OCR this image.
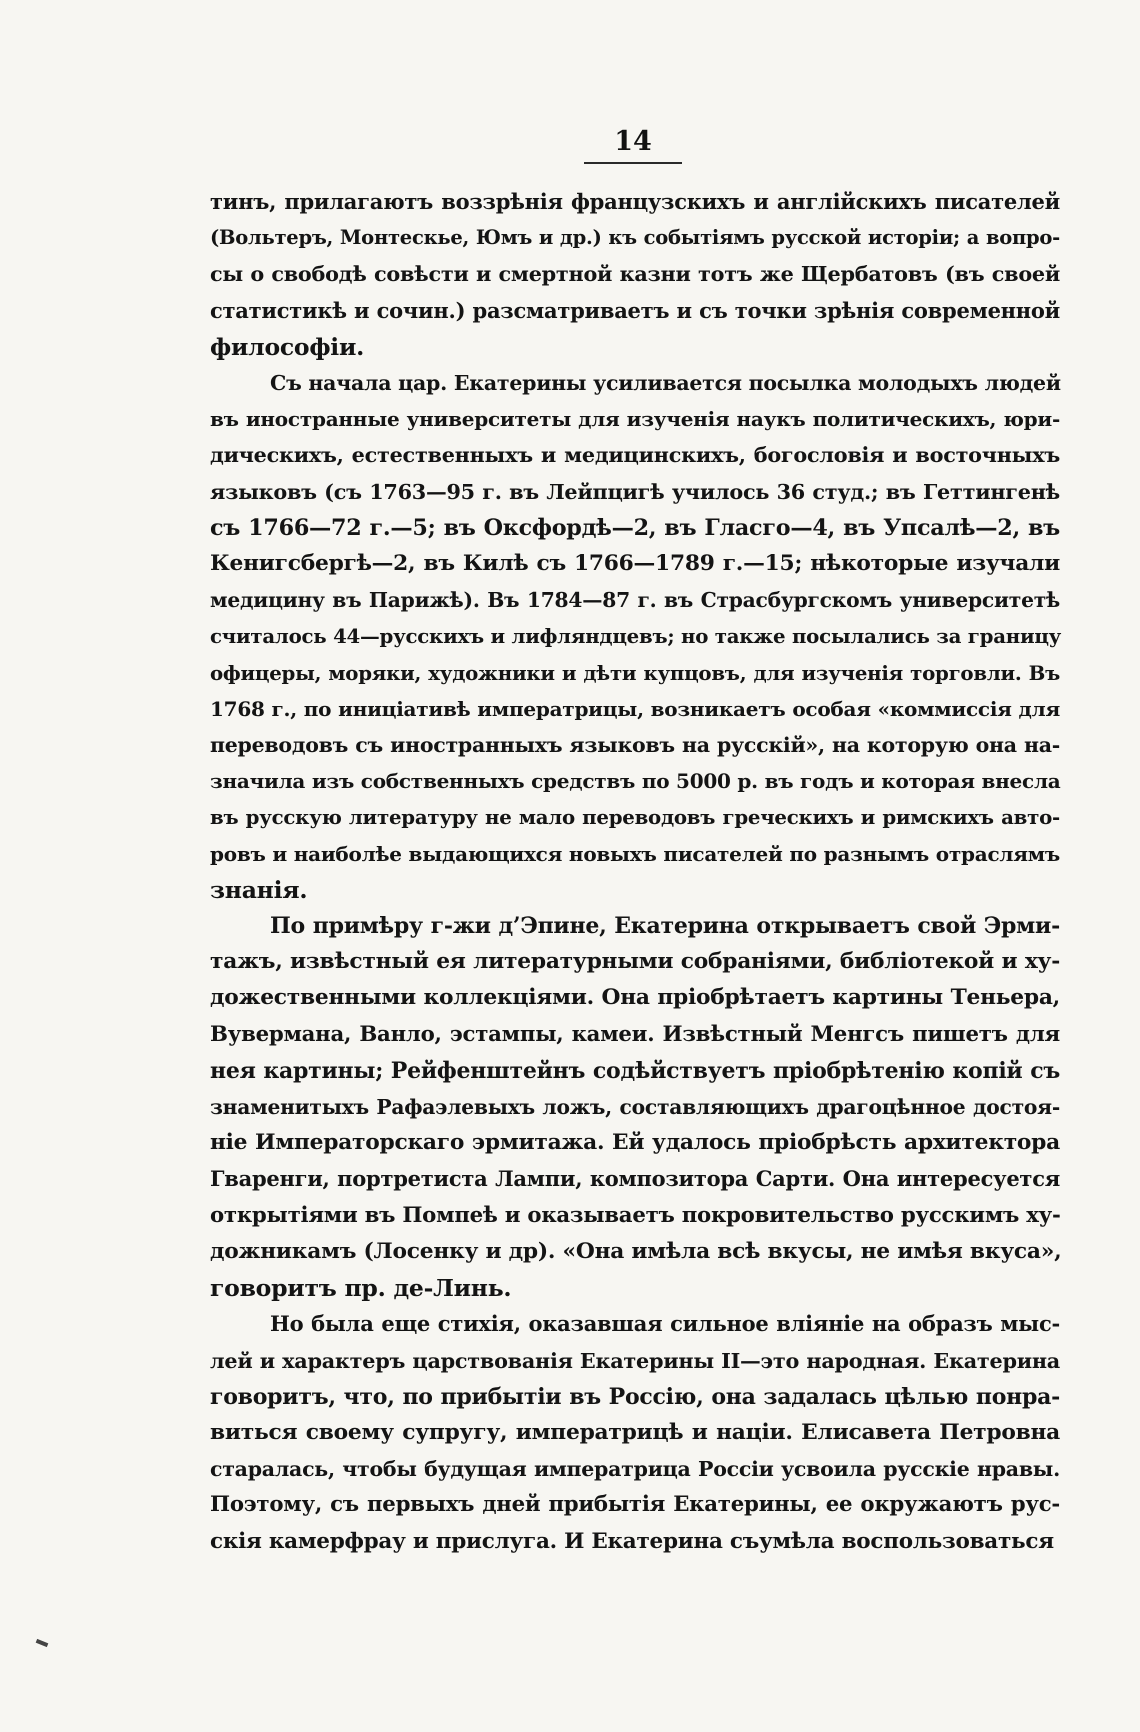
14
тинъ, прилагаютъ воззрѣнія французскихъ и англійскихъ писателей
(Вольтеръ, Монтескье, Юмъ и др.) къ событіямъ русской исторіи; а вопро-
сы о свободѣ совѣсти и смертной казни тотъ же Щербатовъ (въ своей
статистикѣ и сочин.) разсматриваетъ и съ точки зрѣнія современной
философіи.
Съ начала цар. Екатерины усиливается посылка молодыхъ людей
въ иностранные университеты для изученія наукъ политическихъ, юри-
дическихъ, естественныхъ и медицинскихъ, богословія и восточныхъ
языковъ (съ 1763—95 г. въ Лейпцигѣ училось 36 студ.; въ Геттингенѣ
съ 1766—72 г.—5; въ Оксфордѣ—2, въ Гласго—4, въ Упсалѣ—2, въ
Кенигсбергѣ—2, въ Килѣ съ 1766—1789 г.—15; нѣкоторые изучали
медицину въ Парижѣ). Въ 1784—87 г. въ Страсбургскомъ университетѣ
считалось 44—русскихъ и лифляндцевъ; но также посылались за границу
офицеры, моряки, художники и дѣти купцовъ, для изученія торговли. Въ
1768 г., по иниціативѣ императрицы, возникаетъ особая «коммиссія для
переводовъ съ иностранныхъ языковъ на русскій», на которую она на-
значила изъ собственныхъ средствъ по 5000 р. въ годъ и которая внесла
въ русскую литературу не мало переводовъ греческихъ и римскихъ авто-
ровъ и наиболѣе выдающихся новыхъ писателей по разнымъ отраслямъ
знанія.
По примѣру г-жи д’Эпине, Екатерина открываетъ свой Эрми-
тажъ, извѣстный ея литературными собраніями, библіотекой и ху-
дожественными коллекціями. Она пріобрѣтаетъ картины Теньера,
Вувермана, Ванло, эстампы, камеи. Извѣстный Менгсъ пишетъ для
нея картины; Рейфенштейнъ содѣйствуетъ пріобрѣтенію копій съ
знаменитыхъ Рафаэлевыхъ ложъ, составляющихъ драгоцѣнное достоя-
ніе Императорскаго эрмитажа. Ей удалось пріобрѣсть архитектора
Гваренги, портретиста Лампи, композитора Сарти. Она интересуется
открытіями въ Помпеѣ и оказываетъ покровительство русскимъ ху-
дожникамъ (Лосенку и др). «Она имѣла всѣ вкусы, не имѣя вкуса»,
говоритъ пр. де-Линь.
Но была еще стихія, оказавшая сильное вліяніе на образъ мыс-
лей и характеръ царствованія Екатерины II—это народная. Екатерина
говоритъ, что, по прибытіи въ Россію, она задалась цѣлью понра-
виться своему супругу, императрицѣ и націи. Елисавета Петровна
старалась, чтобы будущая императрица Россіи усвоила русскіе нравы.
Поэтому, съ первыхъ дней прибытія Екатерины, ее окружаютъ рус-
скія камерфрау и прислуга. И Екатерина съумѣла воспользоваться
